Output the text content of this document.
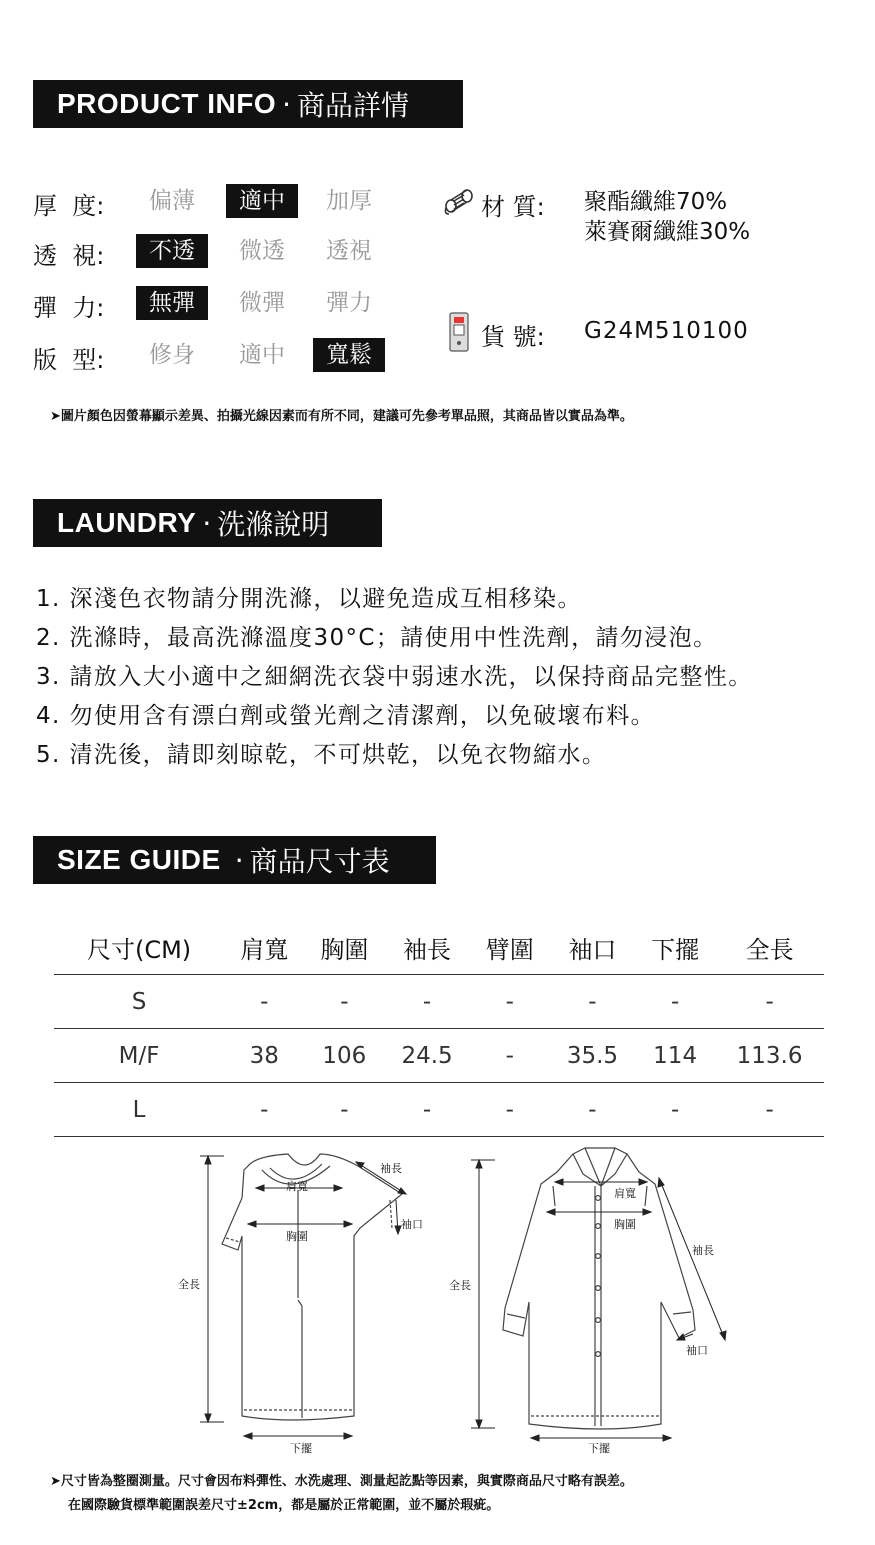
PRODUCT INFO · 商品詳情
厚  度:	偏薄	適中	加厚
透  視:	不透	微透	透視
彈  力:	無彈	微彈	彈力
版  型:	修身	適中	寬鬆
材 質: 聚酯纖維70%
萊賽爾纖維30%
貨 號: G24M510100
➤圖片顏色因螢幕顯示差異、拍攝光線因素而有所不同，建議可先參考單品照，其商品皆以實品為準。
LAUNDRY · 洗滌說明
1. 深淺色衣物請分開洗滌，以避免造成互相移染。
2. 洗滌時，最高洗滌溫度30°C；請使用中性洗劑，請勿浸泡。
3. 請放入大小適中之細網洗衣袋中弱速水洗，以保持商品完整性。
4. 勿使用含有漂白劑或螢光劑之清潔劑，以免破壞布料。
5. 清洗後，請即刻晾乾，不可烘乾，以免衣物縮水。
SIZE GUIDE · 商品尺寸表
尺寸(CM)	肩寬	胸圍	袖長	臂圍	袖口	下擺	全長
S	-	-	-	-	-	-	-
M/F	38	106	24.5	-	35.5	114	113.6
L	-	-	-	-	-	-	-
肩寬
胸圍
袖長
袖口
全長
下擺
肩寬
胸圍
袖長
袖口
全長
下擺
➤尺寸皆為整圈測量。尺寸會因布料彈性、水洗處理、測量起訖點等因素，與實際商品尺寸略有誤差。
在國際驗貨標準範圍誤差尺寸±2cm，都是屬於正常範圍，並不屬於瑕疵。
